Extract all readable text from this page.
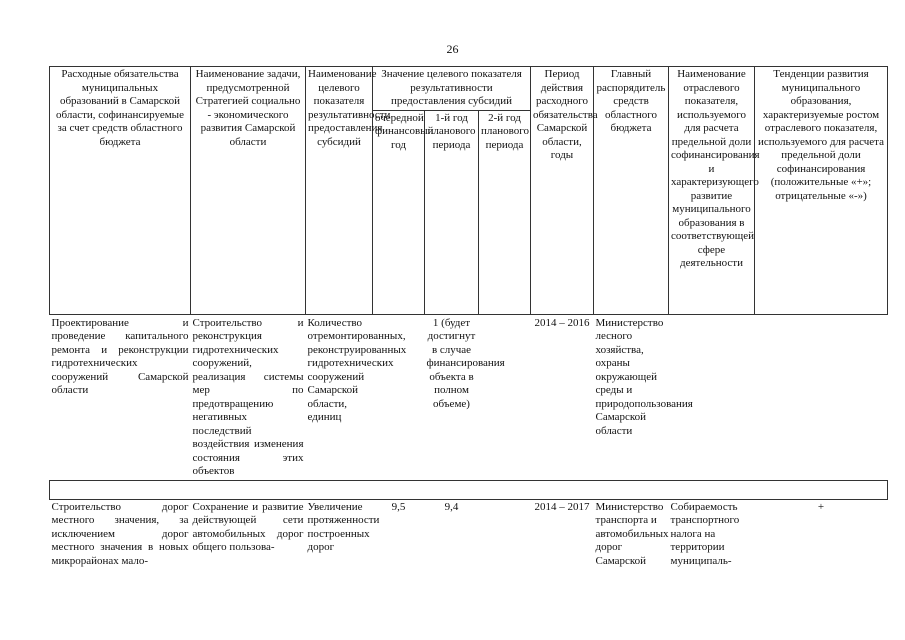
26
Расходные обязательства муниципальных образований в Самарской области, софинансируемые за счет средств областного бюджета	Наименование задачи, предусмотренной Стратегией социально - экономического развития Самарской области	Наименование целевого показателя результативности предоставления субсидий	Значение целевого показателя результативности предоставления субсидий			Период действия расходного обязательства Самарской области, годы	Главный распорядитель средств областного бюджета	Наименование отраслевого показателя, используемого для расчета предельной доли софинансирования и характеризующего развитие муниципального образования в соответствующей сфере деятельности	Тенденции развития муниципального образования, характеризуемые ростом отраслевого показателя, используемого для расчета предельной доли софинансирования (положительные «+»; отрицательные «-»)
			очередной финансовый год	1-й год планового периода	2-й год планового периода				
Проектирование и проведение капитального ремонта и реконструкции гидротехнических сооружений Самарской области	Строительство и реконструкция гидротехнических сооружений, реализация системы мер по предотвращению негативных последствий воздействия изменения состояния этих объектов	Количество отремонтированных, реконструированных гидротехнических сооружений Самарской области, единиц		1 (будет достигнут в случае финансирования объекта в полном объеме)		2014 – 2016	Министерство лесного хозяйства, охраны окружающей среды и природопользования Самарской области		

Строительство дорог местного значения, за исключением дорог местного значения в новых микрорайонах мало-	Сохранение и развитие действующей сети автомобильных дорог общего пользова-	Увеличение протяженности построенных дорог	9,5	9,4		2014 – 2017	Министерство транспорта и автомобильных дорог Самарской	Собираемость транспортного налога на территории муниципаль-	+
